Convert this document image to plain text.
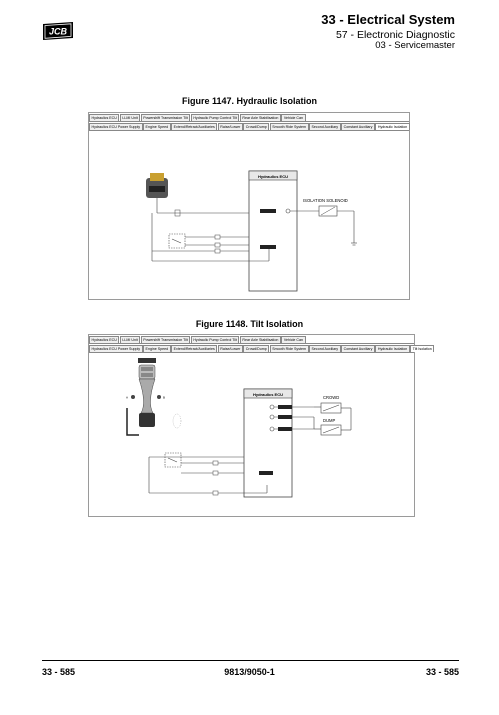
JCB
33 - Electrical System
57 - Electronic Diagnostic
03 - Servicemaster
Figure 1147. Hydraulic Isolation
Hydraulics ECU	LLMI Unit	Powershift Transmission Tilt	Hydraulic Pump Control Tilt	Rear Axle Stabilisation	Vehicle Can
Hydraulics ECU Power Supply	Engine Speed	Extend/Retract/Auxiliaries	Raise/Lower	Crowd/Dump	Smooth Ride System	Second Auxiliary	Constant Auxiliary	Hydraulic Isolation
Hydraulics ECU
ISOLATION SOLENOID
Figure 1148. Tilt Isolation
Hydraulics ECU	LLMI Unit	Powershift Transmission Tilt	Hydraulic Pump Control Tilt	Rear Axle Stabilisation	Vehicle Can
Hydraulics ECU Power Supply	Engine Speed	Extend/Retract/Auxiliaries	Raise/Lower	Crowd/Dump	Smooth Ride System	Second Auxiliary	Constant Auxiliary	Hydraulic Isolation	Tilt Isolation
A	B
Hydraulics ECU
CROWD
DUMP
33 - 585	9813/9050-1	33 - 585
